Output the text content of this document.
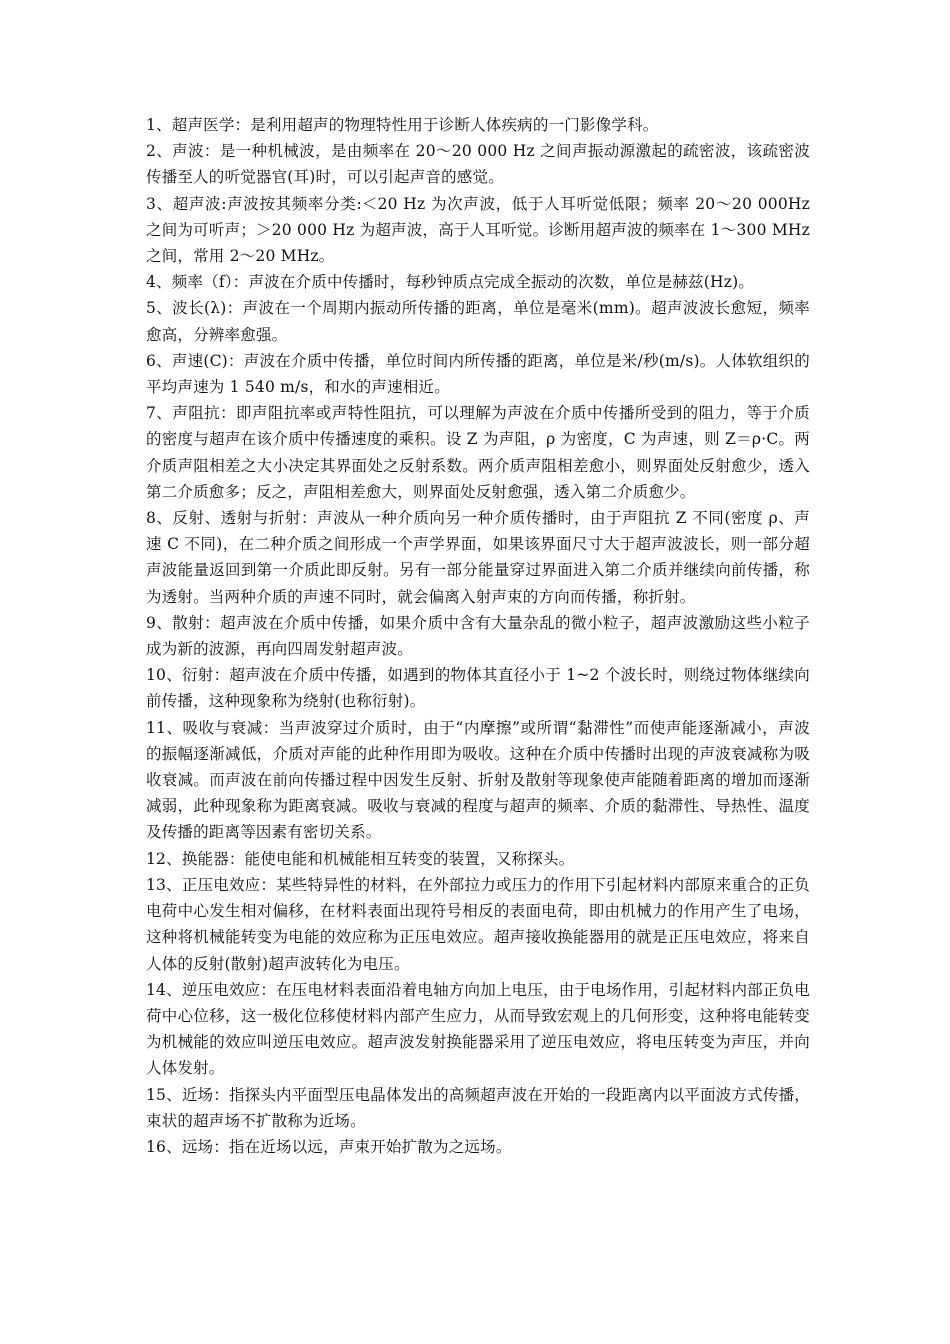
1、超声医学：是利用超声的物理特性用于诊断人体疾病的一门影像学科。

2、声波：是一种机械波，是由频率在 20～20 000 Hz 之间声振动源激起的疏密波，该疏密波传播至人的听觉器官(耳)时，可以引起声音的感觉。

3、超声波:声波按其频率分类:＜20 Hz 为次声波，低于人耳听觉低限；频率 20～20 000Hz 之间为可听声；＞20 000 Hz 为超声波，高于人耳听觉。诊断用超声波的频率在 1～300 MHz 之间，常用 2～20 MHz。

4、频率（f）：声波在介质中传播时，每秒钟质点完成全振动的次数，单位是赫兹(Hz)。

5、波长(λ)：声波在一个周期内振动所传播的距离，单位是毫米(mm)。超声波波长愈短，频率愈高，分辨率愈强。

6、声速(C)：声波在介质中传播，单位时间内所传播的距离，单位是米/秒(m/s)。人体软组织的平均声速为 1 540 m/s，和水的声速相近。

7、声阻抗：即声阻抗率或声特性阻抗，可以理解为声波在介质中传播所受到的阻力，等于介质的密度与超声在该介质中传播速度的乘积。设 Z 为声阻，ρ 为密度，C 为声速，则 Z＝ρ·C。两介质声阻相差之大小决定其界面处之反射系数。两介质声阻相差愈小，则界面处反射愈少，透入第二介质愈多；反之，声阻相差愈大，则界面处反射愈强，透入第二介质愈少。

8、反射、透射与折射：声波从一种介质向另一种介质传播时，由于声阻抗 Z 不同(密度 ρ、声速 C 不同)，在二种介质之间形成一个声学界面，如果该界面尺寸大于超声波波长，则一部分超声波能量返回到第一介质此即反射。另有一部分能量穿过界面进入第二介质并继续向前传播，称为透射。当两种介质的声速不同时，就会偏离入射声束的方向而传播，称折射。

9、散射：超声波在介质中传播，如果介质中含有大量杂乱的微小粒子，超声波激励这些小粒子成为新的波源，再向四周发射超声波。

10、衍射：超声波在介质中传播，如遇到的物体其直径小于 1~2 个波长时，则绕过物体继续向前传播，这种现象称为绕射(也称衍射)。

11、吸收与衰减：当声波穿过介质时，由于“内摩擦”或所谓“黏滞性”而使声能逐渐减小，声波的振幅逐渐减低，介质对声能的此种作用即为吸收。这种在介质中传播时出现的声波衰减称为吸收衰减。而声波在前向传播过程中因发生反射、折射及散射等现象使声能随着距离的增加而逐渐减弱，此种现象称为距离衰减。吸收与衰减的程度与超声的频率、介质的黏滞性、导热性、温度及传播的距离等因素有密切关系。

12、换能器：能使电能和机械能相互转变的装置，又称探头。

13、正压电效应：某些特异性的材料，在外部拉力或压力的作用下引起材料内部原来重合的正负电荷中心发生相对偏移，在材料表面出现符号相反的表面电荷，即由机械力的作用产生了电场，这种将机械能转变为电能的效应称为正压电效应。超声接收换能器用的就是正压电效应，将来自人体的反射(散射)超声波转化为电压。

14、逆压电效应：在压电材料表面沿着电轴方向加上电压，由于电场作用，引起材料内部正负电荷中心位移，这一极化位移使材料内部产生应力，从而导致宏观上的几何形变，这种将电能转变为机械能的效应叫逆压电效应。超声波发射换能器采用了逆压电效应，将电压转变为声压，并向人体发射。

15、近场：指探头内平面型压电晶体发出的高频超声波在开始的一段距离内以平面波方式传播，束状的超声场不扩散称为近场。

16、远场：指在近场以远，声束开始扩散为之远场。
